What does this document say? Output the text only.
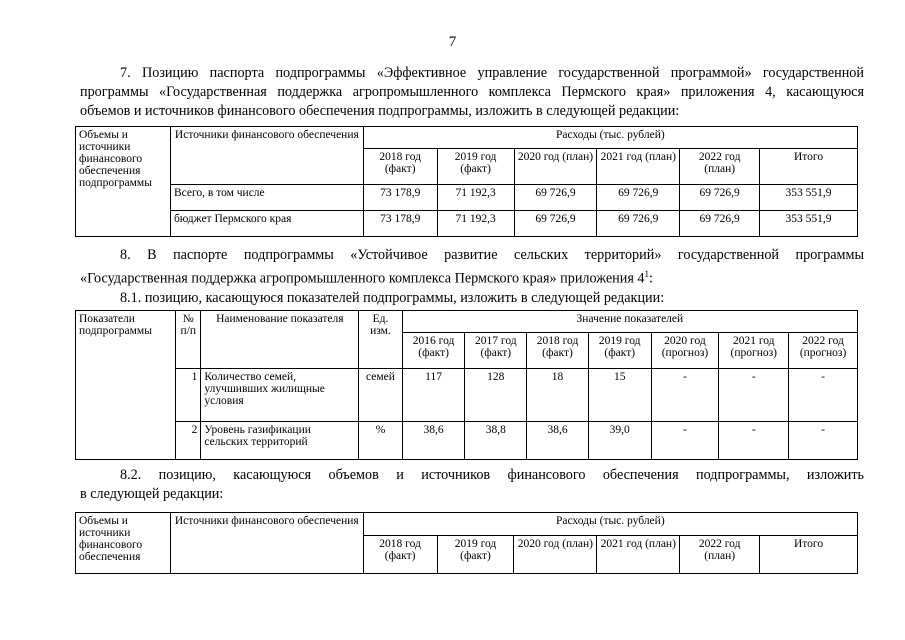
7
7. Позицию паспорта подпрограммы «Эффективное управление государственной программой» государственной
программы «Государственная поддержка агропромышленного комплекса Пермского края» приложения 4, касающуюся
объемов и источников финансового обеспечения подпрограммы, изложить в следующей редакции:
Объемы и источники финансового обеспечения подпрограммы	Источники финансового обеспечения	Расходы (тыс. рублей)					
		2018 год (факт)	2019 год (факт)	2020 год (план)	2021 год (план)	2022 год (план)	Итого
	Всего, в том числе	73 178,9	71 192,3	69 726,9	69 726,9	69 726,9	353 551,9
	бюджет Пермского края	73 178,9	71 192,3	69 726,9	69 726,9	69 726,9	353 551,9
8. В паспорте подпрограммы «Устойчивое развитие сельских территорий» государственной программы
«Государственная поддержка агропромышленного комплекса Пермского края» приложения $4^1$:
8.1. позицию, касающуюся показателей подпрограммы, изложить в следующей редакции:
Показатели подпрограммы	№ п/п	Наименование показателя	Ед. изм.	Значение показателей						
				2016 год (факт)	2017 год (факт)	2018 год (факт)	2019 год (факт)	2020 год (прогноз)	2021 год (прогноз)	2022 год (прогноз)
	1	Количество семей, улучшивших жилищные условия	семей	117	128	18	15	-	-	-
	2	Уровень газификации сельских территорий	%	38,6	38,8	38,6	39,0	-	-	-
8.2. позицию, касающуюся объемов и источников финансового обеспечения подпрограммы, изложить
в следующей редакции:
Объемы и источники финансового обеспечения	Источники финансового обеспечения	Расходы (тыс. рублей)					
		2018 год (факт)	2019 год (факт)	2020 год (план)	2021 год (план)	2022 год (план)	Итого
